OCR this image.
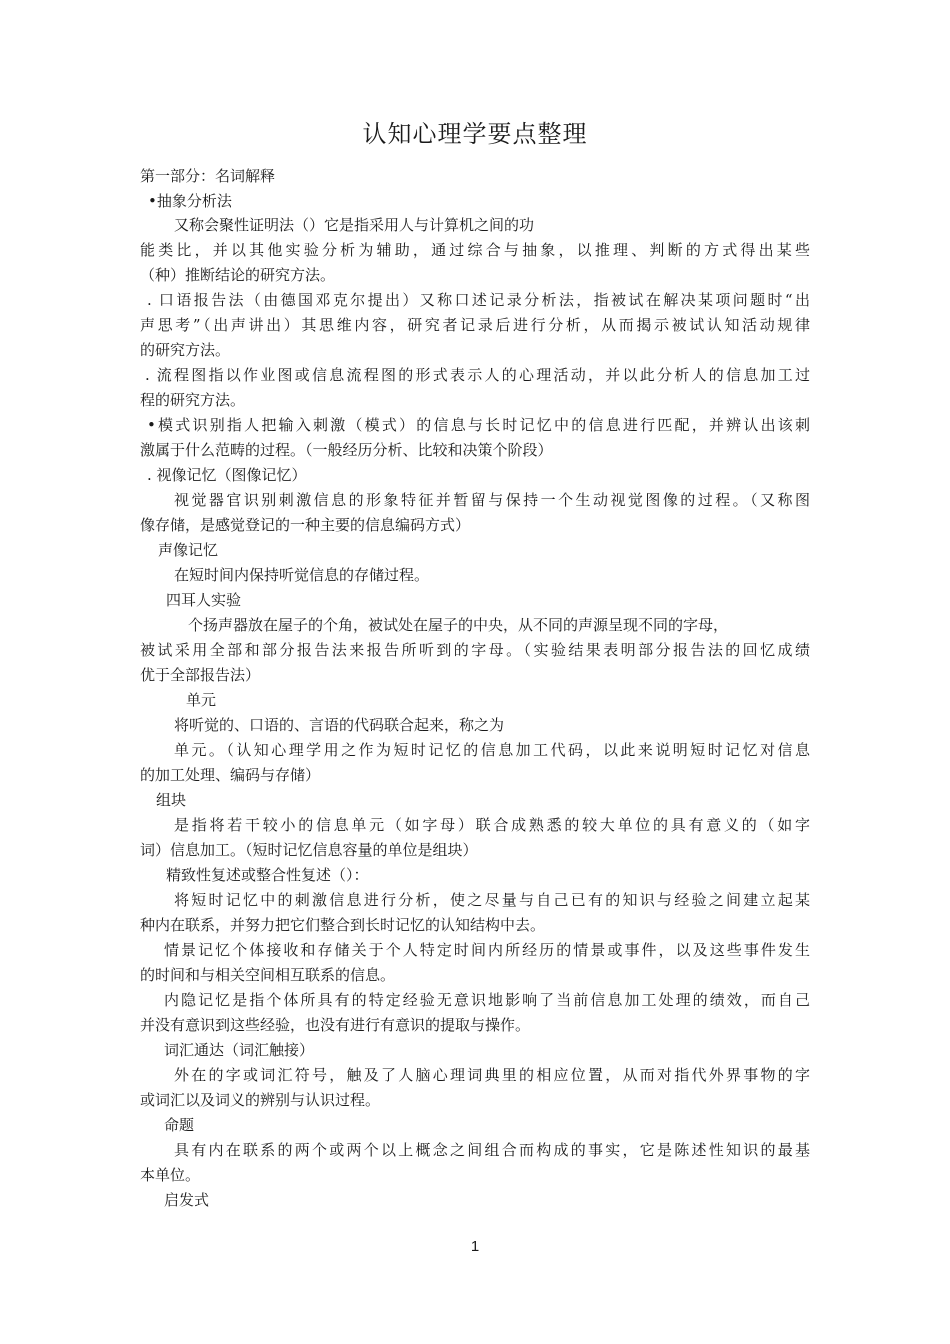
认知心理学要点整理
第一部分：名词解释
•抽象分析法
又称会聚性证明法（）它是指采用人与计算机之间的功
能类比，并以其他实验分析为辅助，通过综合与抽象，以推理、判断的方式得出某些
（种）推断结论的研究方法。
. 口语报告法（由德国邓克尔提出）又称口述记录分析法，指被试在解决某项问题时“出
声思考”（出声讲出）其思维内容，研究者记录后进行分析，从而揭示被试认知活动规律
的研究方法。
. 流程图指以作业图或信息流程图的形式表示人的心理活动，并以此分析人的信息加工过
程的研究方法。
•模式识别指人把输入刺激（模式）的信息与长时记忆中的信息进行匹配，并辨认出该刺
激属于什么范畴的过程。（一般经历分析、比较和决策个阶段）
. 视像记忆（图像记忆）
视觉器官识别刺激信息的形象特征并暂留与保持一个生动视觉图像的过程。（又称图
像存储，是感觉登记的一种主要的信息编码方式）
声像记忆
在短时间内保持听觉信息的存储过程。
四耳人实验
个扬声器放在屋子的个角，被试处在屋子的中央，从不同的声源呈现不同的字母，
被试采用全部和部分报告法来报告所听到的字母。（实验结果表明部分报告法的回忆成绩
优于全部报告法）
单元
将听觉的、口语的、言语的代码联合起来，称之为
单元。（认知心理学用之作为短时记忆的信息加工代码，以此来说明短时记忆对信息
的加工处理、编码与存储）
组块
是指将若干较小的信息单元（如字母）联合成熟悉的较大单位的具有意义的（如字
词）信息加工。（短时记忆信息容量的单位是组块）
精致性复述或整合性复述（）：
将短时记忆中的刺激信息进行分析，使之尽量与自己已有的知识与经验之间建立起某
种内在联系，并努力把它们整合到长时记忆的认知结构中去。
情景记忆个体接收和存储关于个人特定时间内所经历的情景或事件，以及这些事件发生
的时间和与相关空间相互联系的信息。
内隐记忆是指个体所具有的特定经验无意识地影响了当前信息加工处理的绩效，而自己
并没有意识到这些经验，也没有进行有意识的提取与操作。
词汇通达（词汇触接）
外在的字或词汇符号，触及了人脑心理词典里的相应位置，从而对指代外界事物的字
或词汇以及词义的辨别与认识过程。
命题
具有内在联系的两个或两个以上概念之间组合而构成的事实，它是陈述性知识的最基
本单位。
启发式
1
